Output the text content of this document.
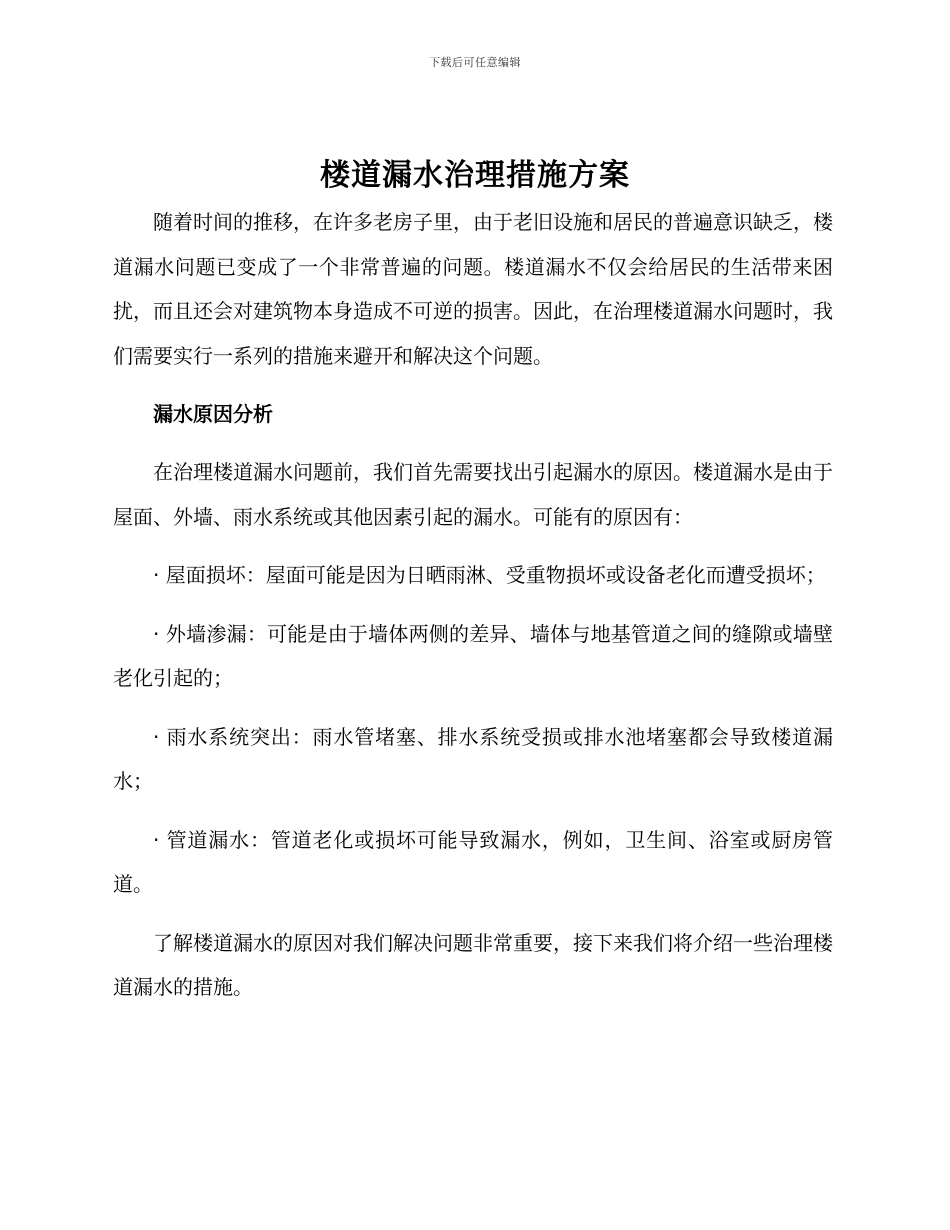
下载后可任意编辑
楼道漏水治理措施方案

随着时间的推移，在许多老房子里，由于老旧设施和居民的普遍意识缺乏，楼道漏水问题已变成了一个非常普遍的问题。楼道漏水不仅会给居民的生活带来困扰，而且还会对建筑物本身造成不可逆的损害。因此，在治理楼道漏水问题时，我们需要实行一系列的措施来避开和解决这个问题。

漏水原因分析

在治理楼道漏水问题前，我们首先需要找出引起漏水的原因。楼道漏水是由于屋面、外墙、雨水系统或其他因素引起的漏水。可能有的原因有：

· 屋面损坏：屋面可能是因为日晒雨淋、受重物损坏或设备老化而遭受损坏；

· 外墙渗漏：可能是由于墙体两侧的差异、墙体与地基管道之间的缝隙或墙壁老化引起的；

· 雨水系统突出：雨水管堵塞、排水系统受损或排水池堵塞都会导致楼道漏水；

· 管道漏水：管道老化或损坏可能导致漏水，例如，卫生间、浴室或厨房管道。

了解楼道漏水的原因对我们解决问题非常重要，接下来我们将介绍一些治理楼道漏水的措施。
